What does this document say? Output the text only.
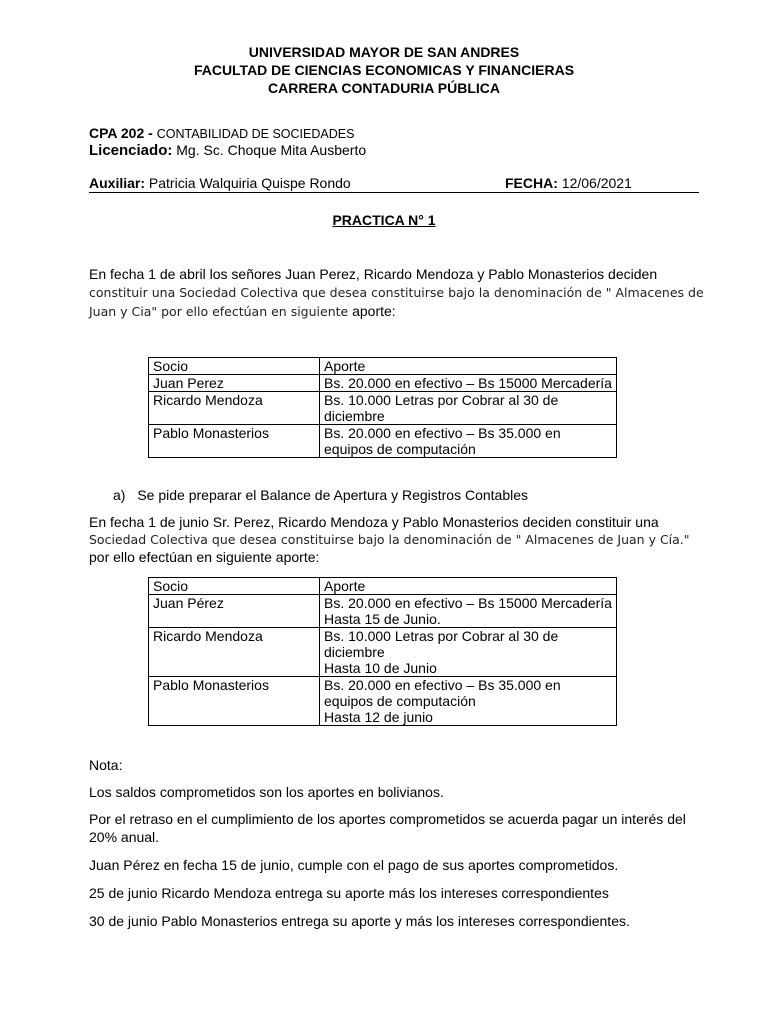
UNIVERSIDAD MAYOR DE SAN ANDRES
FACULTAD DE CIENCIAS ECONOMICAS Y FINANCIERAS
CARRERA CONTADURIA PÚBLICA
CPA 202 - CONTABILIDAD DE SOCIEDADES
Licenciado: Mg. Sc. Choque Mita Ausberto
Auxiliar: Patricia Walquiria Quispe Rondo	FECHA: 12/06/2021
PRACTICA N° 1
En fecha 1 de abril los señores Juan Perez, Ricardo Mendoza y Pablo Monasterios deciden
constituir una Sociedad Colectiva que desea constituirse bajo la denominación de " Almacenes de
Juan y Cia" por ello efectúan en siguiente aporte:
Socio	Aporte
Juan Perez	Bs. 20.000 en efectivo – Bs 15000 Mercadería
Ricardo Mendoza	Bs. 10.000 Letras por Cobrar al 30 de diciembre
Pablo Monasterios	Bs. 20.000 en efectivo – Bs 35.000 en equipos de computación
a) Se pide preparar el Balance de Apertura y Registros Contables
En fecha 1 de junio Sr. Perez, Ricardo Mendoza y Pablo Monasterios deciden constituir una
Sociedad Colectiva que desea constituirse bajo la denominación de " Almacenes de Juan y Cía."
por ello efectúan en siguiente aporte:
Socio	Aporte
Juan Pérez	Bs. 20.000 en efectivo – Bs 15000 Mercadería
Hasta 15 de Junio.

Ricardo Mendoza	Bs. 10.000 Letras por Cobrar al 30 de diciembre
Hasta 10 de Junio

Pablo Monasterios	Bs. 20.000 en efectivo – Bs 35.000 en equipos de computación
Hasta 12 de junio
Nota:
Los saldos comprometidos son los aportes en bolivianos.
Por el retraso en el cumplimiento de los aportes comprometidos se acuerda pagar un interés del 20% anual.
Juan Pérez en fecha 15 de junio, cumple con el pago de sus aportes comprometidos.
25 de junio Ricardo Mendoza entrega su aporte más los intereses correspondientes
30 de junio Pablo Monasterios entrega su aporte y más los intereses correspondientes.
